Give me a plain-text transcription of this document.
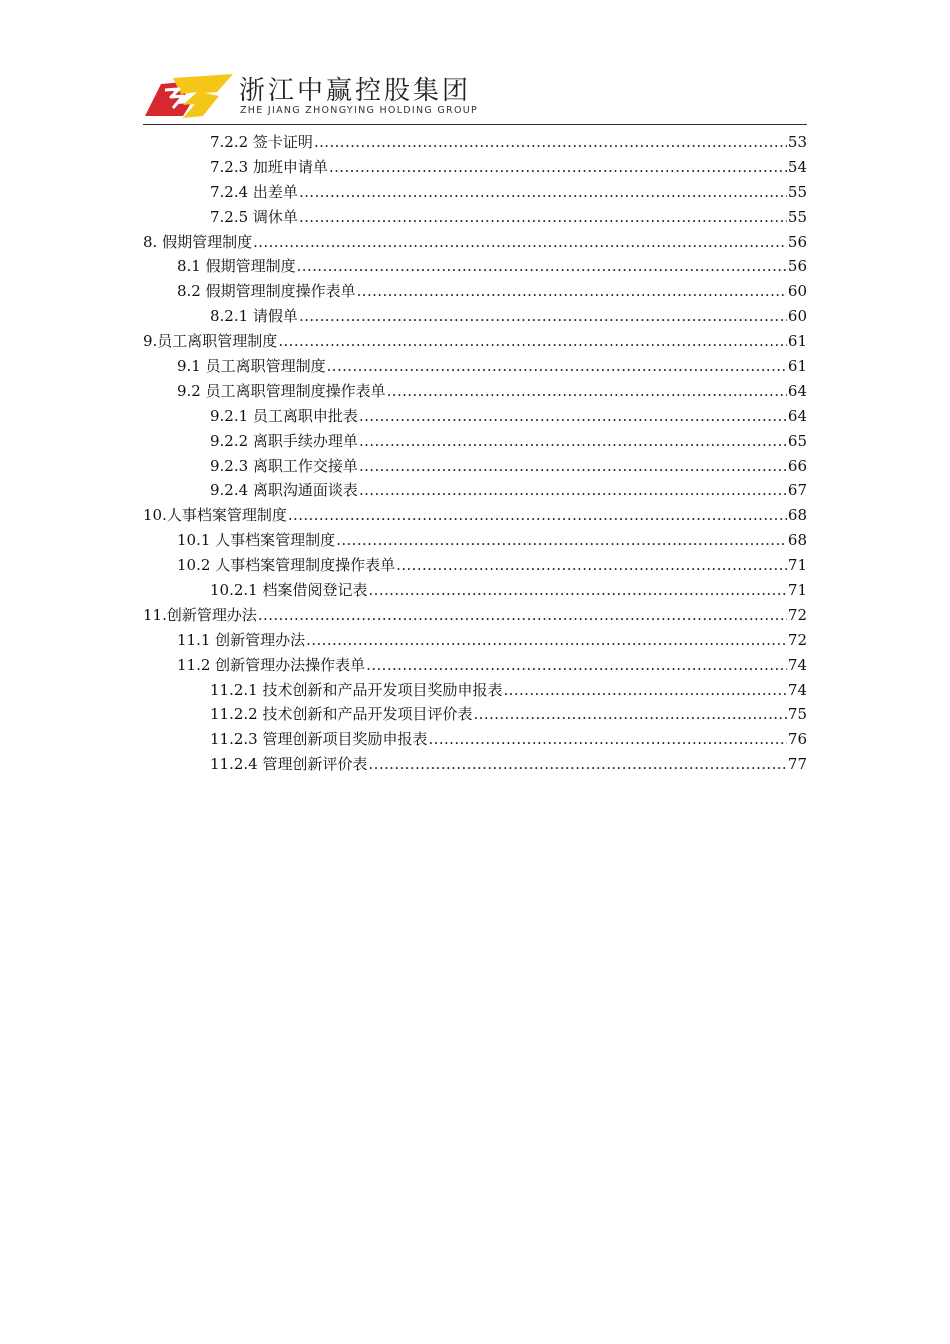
浙江中赢控股集团
ZHE JIANG ZHONGYING HOLDING GROUP
7.2.2 签卡证明 .....	53
7.2.3 加班申请单 .....	54
7.2.4 出差单 .....	55
7.2.5 调休单 .....	55
8. 假期管理制度 .....	56
8.1 假期管理制度 .....	56
8.2 假期管理制度操作表单 .....	60
8.2.1 请假单 .....	60
9.员工离职管理制度 .....	61
9.1 员工离职管理制度 .....	61
9.2 员工离职管理制度操作表单 .....	64
9.2.1 员工离职申批表 .....	64
9.2.2 离职手续办理单 .....	65
9.2.3 离职工作交接单 .....	66
9.2.4 离职沟通面谈表 .....	67
10.人事档案管理制度 .....	68
10.1 人事档案管理制度 .....	68
10.2 人事档案管理制度操作表单 .....	71
10.2.1 档案借阅登记表 .....	71
11.创新管理办法 .....	72
11.1 创新管理办法 .....	72
11.2 创新管理办法操作表单 .....	74
11.2.1 技术创新和产品开发项目奖励申报表 .....	74
11.2.2 技术创新和产品开发项目评价表 .....	75
11.2.3 管理创新项目奖励申报表 .....	76
11.2.4 管理创新评价表 .....	77
